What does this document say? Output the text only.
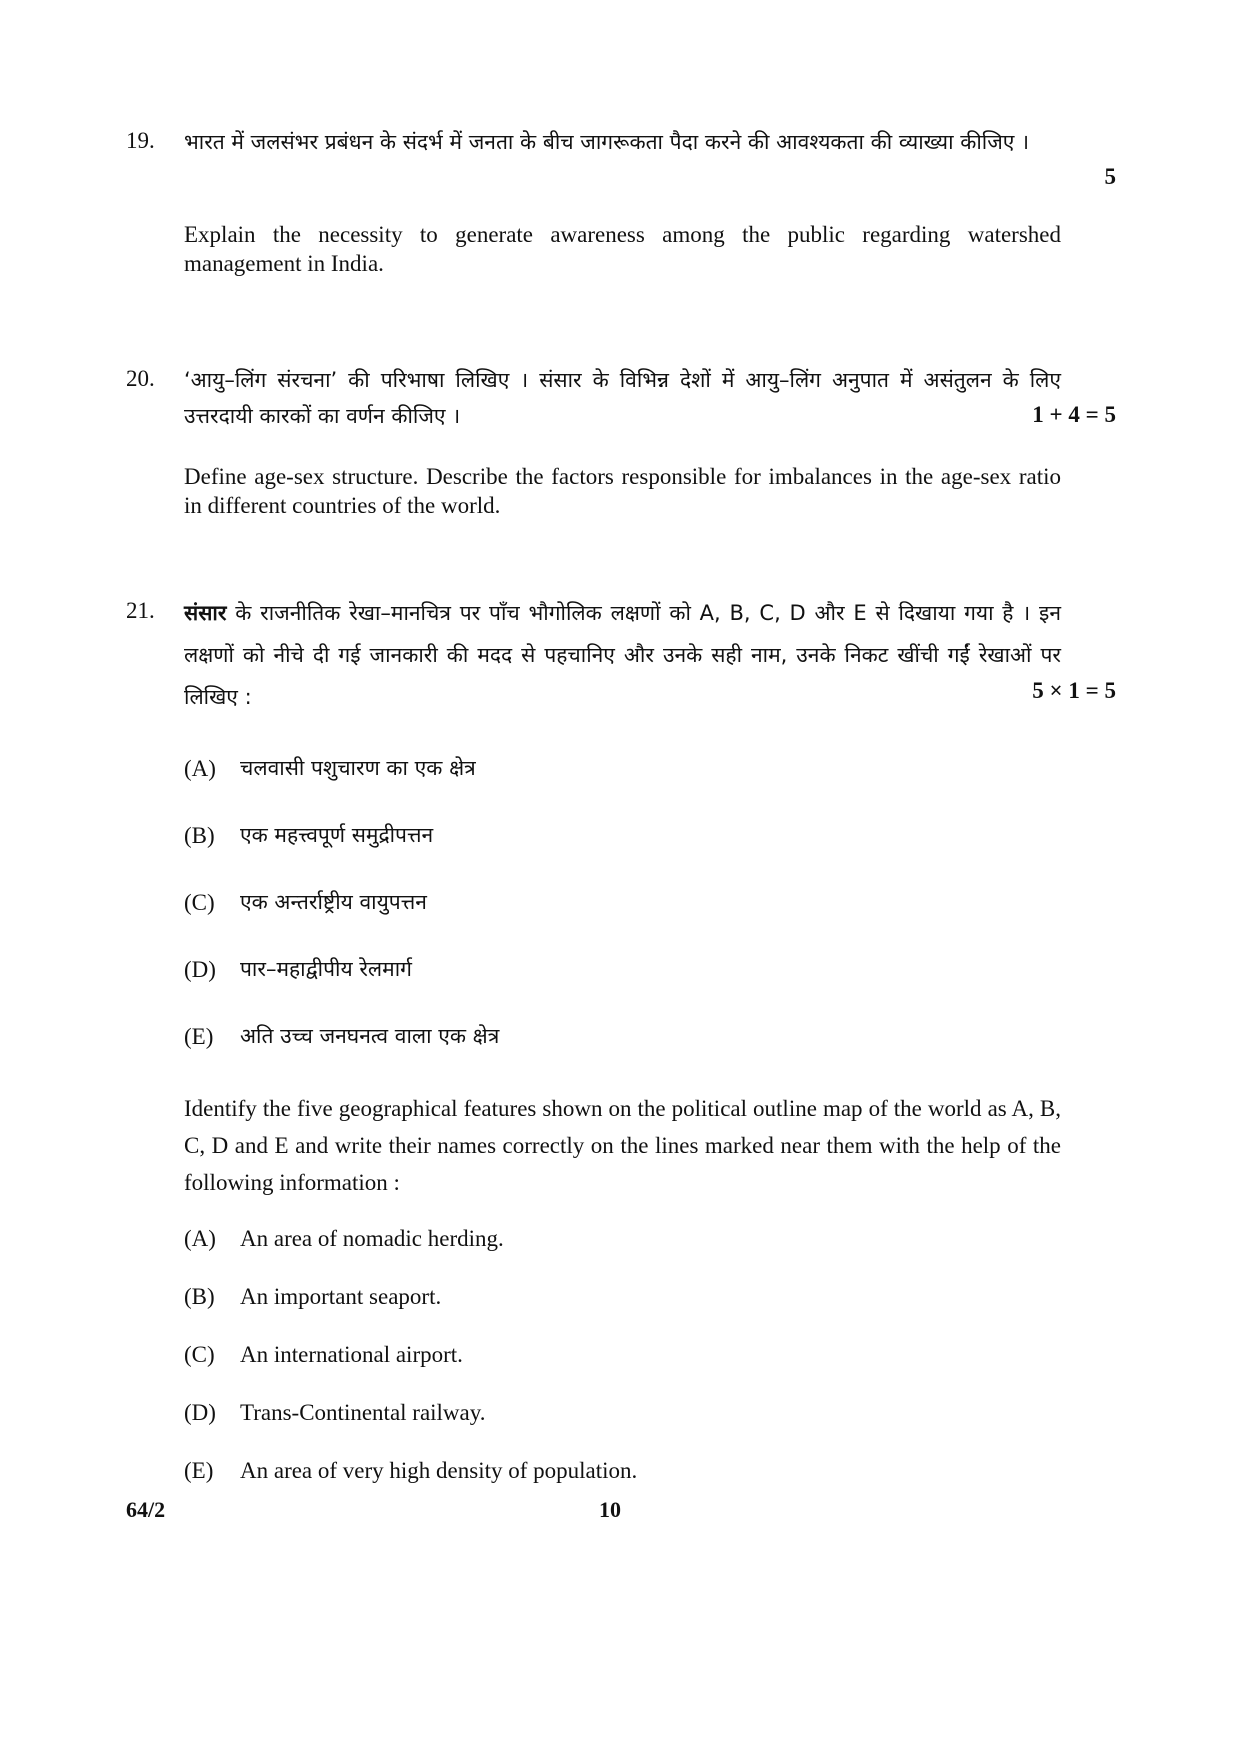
19. भारत में जलसंभर प्रबंधन के संदर्भ में जनता के बीच जागरूकता पैदा करने की आवश्यकता की व्याख्या कीजिए ।

5

Explain the necessity to generate awareness among the public regarding watershed management in India.

20. ‘आयु–लिंग संरचना’ की परिभाषा लिखिए । संसार के विभिन्न देशों में आयु–लिंग अनुपात में असंतुलन के लिए उत्तरदायी कारकों का वर्णन कीजिए ।	1 + 4 = 5

Define age-sex structure. Describe the factors responsible for imbalances in the age-sex ratio in different countries of the world.

21. संसार के राजनीतिक रेखा–मानचित्र पर पाँच भौगोलिक लक्षणों को A, B, C, D और E से दिखाया गया है । इन लक्षणों को नीचे दी गई जानकारी की मदद से पहचानिए और उनके सही नाम, उनके निकट खींची गईं रेखाओं पर लिखिए :	5 × 1 = 5
(A) चलवासी पशुचारण का एक क्षेत्र
(B) एक महत्त्वपूर्ण समुद्रीपत्तन
(C) एक अन्तर्राष्ट्रीय वायुपत्तन
(D) पार–महाद्वीपीय रेलमार्ग
(E) अति उच्च जनघनत्व वाला एक क्षेत्र

Identify the five geographical features shown on the political outline map of the world as A, B, C, D and E and write their names correctly on the lines marked near them with the help of the following information :

(A) An area of nomadic herding.
(B) An important seaport.
(C) An international airport.
(D) Trans-Continental railway.
(E) An area of very high density of population.
64/2	10
